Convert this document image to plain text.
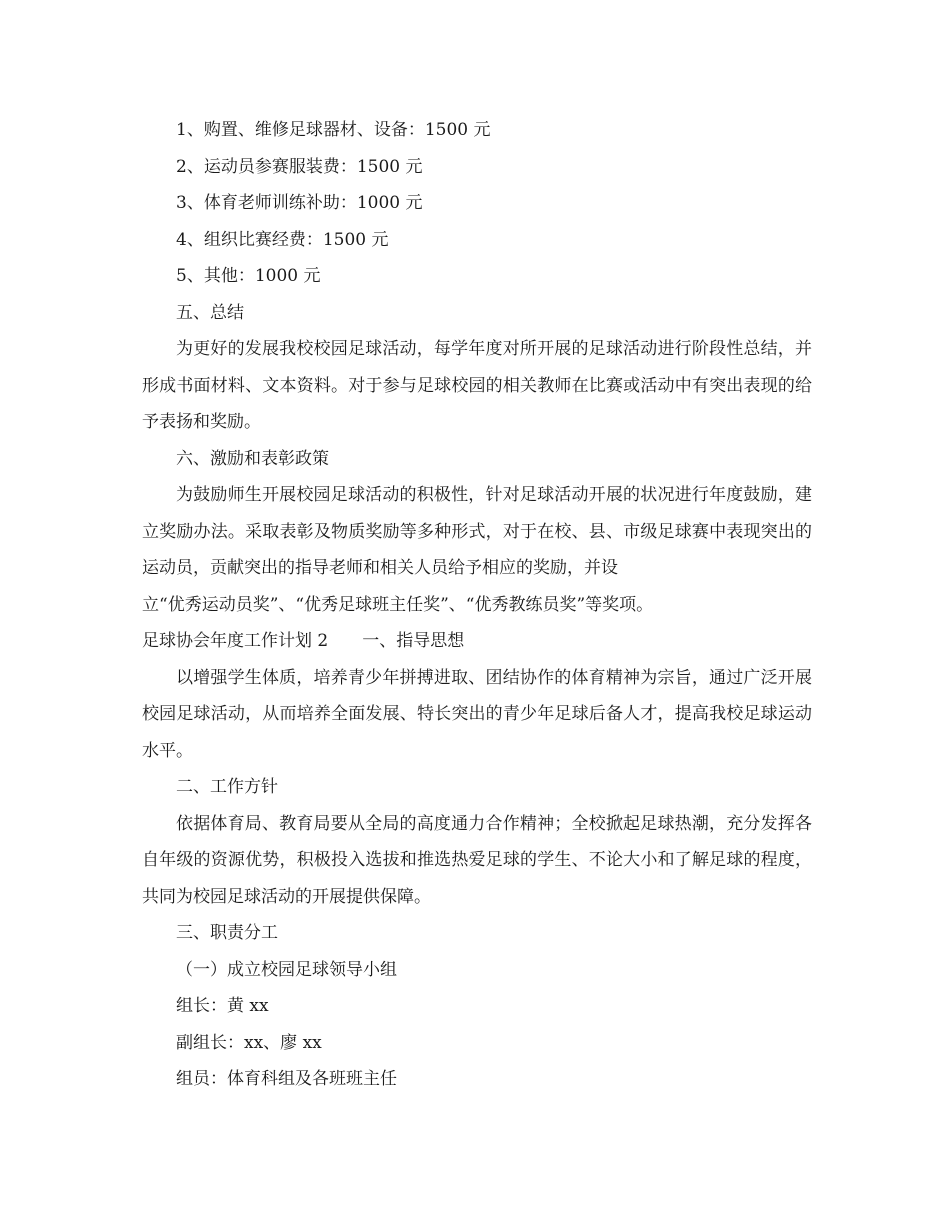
1、购置、维修足球器材、设备：1500 元

2、运动员参赛服装费：1500 元

3、体育老师训练补助：1000 元

4、组织比赛经费：1500 元

5、其他：1000 元

五、总结

为更好的发展我校校园足球活动，每学年度对所开展的足球活动进行阶段性总结，并形成书面材料、文本资料。对于参与足球校园的相关教师在比赛或活动中有突出表现的给予表扬和奖励。

六、激励和表彰政策

为鼓励师生开展校园足球活动的积极性，针对足球活动开展的状况进行年度鼓励，建立奖励办法。采取表彰及物质奖励等多种形式，对于在校、县、市级足球赛中表现突出的运动员，贡献突出的指导老师和相关人员给予相应的奖励，并设

立“优秀运动员奖”、“优秀足球班主任奖”、“优秀教练员奖”等奖项。

足球协会年度工作计划 2 一、指导思想

以增强学生体质，培养青少年拼搏进取、团结协作的体育精神为宗旨，通过广泛开展校园足球活动，从而培养全面发展、特长突出的青少年足球后备人才，提高我校足球运动水平。

二、工作方针

依据体育局、教育局要从全局的高度通力合作精神；全校掀起足球热潮，充分发挥各自年级的资源优势，积极投入选拔和推选热爱足球的学生、不论大小和了解足球的程度，共同为校园足球活动的开展提供保障。

三、职责分工

（一）成立校园足球领导小组

组长：黄 xx

副组长：xx、廖 xx

组员：体育科组及各班班主任
